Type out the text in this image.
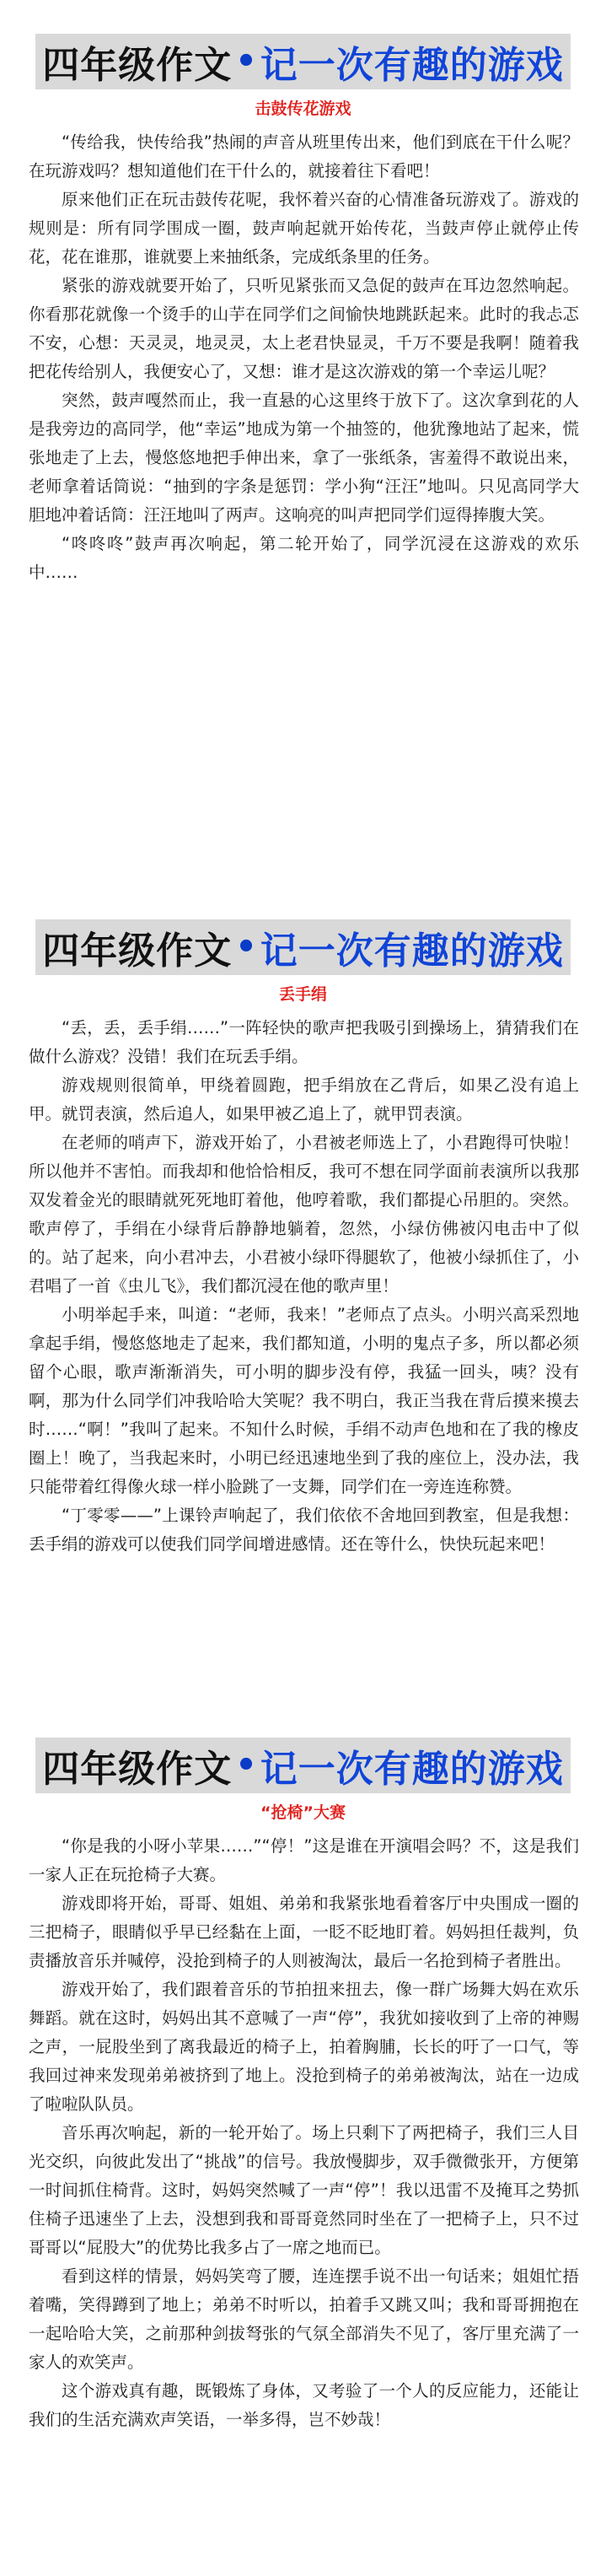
四年级作文 • 记一次有趣的游戏
击鼓传花游戏

“传给我，快传给我”热闹的声音从班里传出来，他们到底在干什么呢？在玩游戏吗？想知道他们在干什么的，就接着往下看吧！

原来他们正在玩击鼓传花呢，我怀着兴奋的心情准备玩游戏了。游戏的规则是：所有同学围成一圈，鼓声响起就开始传花，当鼓声停止就停止传花，花在谁那，谁就要上来抽纸条，完成纸条里的任务。

紧张的游戏就要开始了，只听见紧张而又急促的鼓声在耳边忽然响起。你看那花就像一个烫手的山芋在同学们之间愉快地跳跃起来。此时的我忐忑不安，心想：天灵灵，地灵灵，太上老君快显灵，千万不要是我啊！随着我把花传给别人，我便安心了，又想：谁才是这次游戏的第一个幸运儿呢？

突然，鼓声嘎然而止，我一直悬的心这里终于放下了。这次拿到花的人是我旁边的高同学，他“幸运”地成为第一个抽签的，他犹豫地站了起来，慌张地走了上去，慢悠悠地把手伸出来，拿了一张纸条，害羞得不敢说出来，老师拿着话筒说：“抽到的字条是惩罚：学小狗“汪汪”地叫。只见高同学大胆地冲着话筒：汪汪地叫了两声。这响亮的叫声把同学们逗得捧腹大笑。

“咚咚咚”鼓声再次响起，第二轮开始了，同学沉浸在这游戏的欢乐中……

四年级作文 • 记一次有趣的游戏
丢手绢

“丢，丢，丢手绢……”一阵轻快的歌声把我吸引到操场上，猜猜我们在做什么游戏？没错！我们在玩丢手绢。

游戏规则很简单，甲绕着圆跑，把手绢放在乙背后，如果乙没有追上甲。就罚表演，然后追人，如果甲被乙追上了，就甲罚表演。

在老师的哨声下，游戏开始了，小君被老师选上了，小君跑得可快啦！所以他并不害怕。而我却和他恰恰相反，我可不想在同学面前表演所以我那双发着金光的眼睛就死死地盯着他，他哼着歌，我们都提心吊胆的。突然。歌声停了，手绢在小绿背后静静地躺着，忽然，小绿仿佛被闪电击中了似的。站了起来，向小君冲去，小君被小绿吓得腿软了，他被小绿抓住了，小君唱了一首《虫儿飞》，我们都沉浸在他的歌声里！

小明举起手来，叫道：“老师，我来！”老师点了点头。小明兴高采烈地拿起手绢，慢悠悠地走了起来，我们都知道，小明的鬼点子多，所以都必须留个心眼，歌声渐渐消失，可小明的脚步没有停，我猛一回头，咦？没有啊，那为什么同学们冲我哈哈大笑呢？我不明白，我正当我在背后摸来摸去时……“啊！”我叫了起来。不知什么时候，手绢不动声色地和在了我的橡皮圈上！晚了，当我起来时，小明已经迅速地坐到了我的座位上，没办法，我只能带着红得像火球一样小脸跳了一支舞，同学们在一旁连连称赞。

“丁零零——”上课铃声响起了，我们依依不舍地回到教室，但是我想：丢手绢的游戏可以使我们同学间增进感情。还在等什么，快快玩起来吧！

四年级作文 • 记一次有趣的游戏
“抢椅”大赛

“你是我的小呀小苹果……”“停！”这是谁在开演唱会吗？不，这是我们一家人正在玩抢椅子大赛。

游戏即将开始，哥哥、姐姐、弟弟和我紧张地看着客厅中央围成一圈的三把椅子，眼睛似乎早已经黏在上面，一眨不眨地盯着。妈妈担任裁判，负责播放音乐并喊停，没抢到椅子的人则被淘汰，最后一名抢到椅子者胜出。

游戏开始了，我们跟着音乐的节拍扭来扭去，像一群广场舞大妈在欢乐舞蹈。就在这时，妈妈出其不意喊了一声“停”，我犹如接收到了上帝的神赐之声，一屁股坐到了离我最近的椅子上，拍着胸脯，长长的吁了一口气，等我回过神来发现弟弟被挤到了地上。没抢到椅子的弟弟被淘汰，站在一边成了啦啦队队员。

音乐再次响起，新的一轮开始了。场上只剩下了两把椅子，我们三人目光交织，向彼此发出了“挑战”的信号。我放慢脚步，双手微微张开，方便第一时间抓住椅背。这时，妈妈突然喊了一声“停”！我以迅雷不及掩耳之势抓住椅子迅速坐了上去，没想到我和哥哥竟然同时坐在了一把椅子上，只不过哥哥以“屁股大”的优势比我多占了一席之地而已。

看到这样的情景，妈妈笑弯了腰，连连摆手说不出一句话来；姐姐忙捂着嘴，笑得蹲到了地上；弟弟不时听以，拍着手又跳又叫；我和哥哥拥抱在一起哈哈大笑，之前那种剑拔弩张的气氛全部消失不见了，客厅里充满了一家人的欢笑声。

这个游戏真有趣，既锻炼了身体，又考验了一个人的反应能力，还能让我们的生活充满欢声笑语，一举多得，岂不妙哉！
